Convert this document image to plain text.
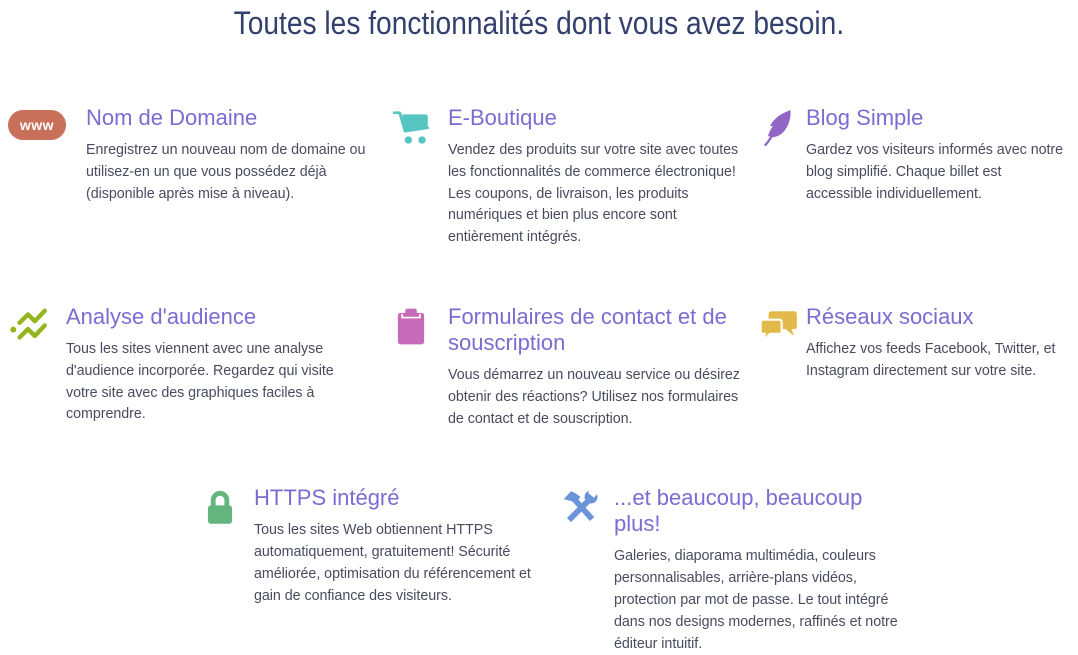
Toutes les fonctionnalités dont vous avez besoin.
www	Nom de Domaine

Enregistrez un nouveau nom de domaine ou utilisez-en un que vous possédez déjà (disponible après mise à niveau).

E-Boutique

Vendez des produits sur votre site avec toutes les fonctionnalités de commerce électronique! Les coupons, de livraison, les produits numériques et bien plus encore sont entièrement intégrés.

Blog Simple

Gardez vos visiteurs informés avec notre blog simplifié. Chaque billet est accessible individuellement.

Analyse d'audience

Tous les sites viennent avec une analyse d'audience incorporée. Regardez qui visite votre site avec des graphiques faciles à comprendre.

Formulaires de contact et de souscription

Vous démarrez un nouveau service ou désirez obtenir des réactions? Utilisez nos formulaires de contact et de souscription.

Réseaux sociaux

Affichez vos feeds Facebook, Twitter, et Instagram directement sur votre site.

HTTPS intégré

Tous les sites Web obtiennent HTTPS automatiquement, gratuitement! Sécurité améliorée, optimisation du référencement et gain de confiance des visiteurs.

...et beaucoup, beaucoup plus!

Galeries, diaporama multimédia, couleurs personnalisables, arrière-plans vidéos, protection par mot de passe. Le tout intégré dans nos designs modernes, raffinés et notre éditeur intuitif.
